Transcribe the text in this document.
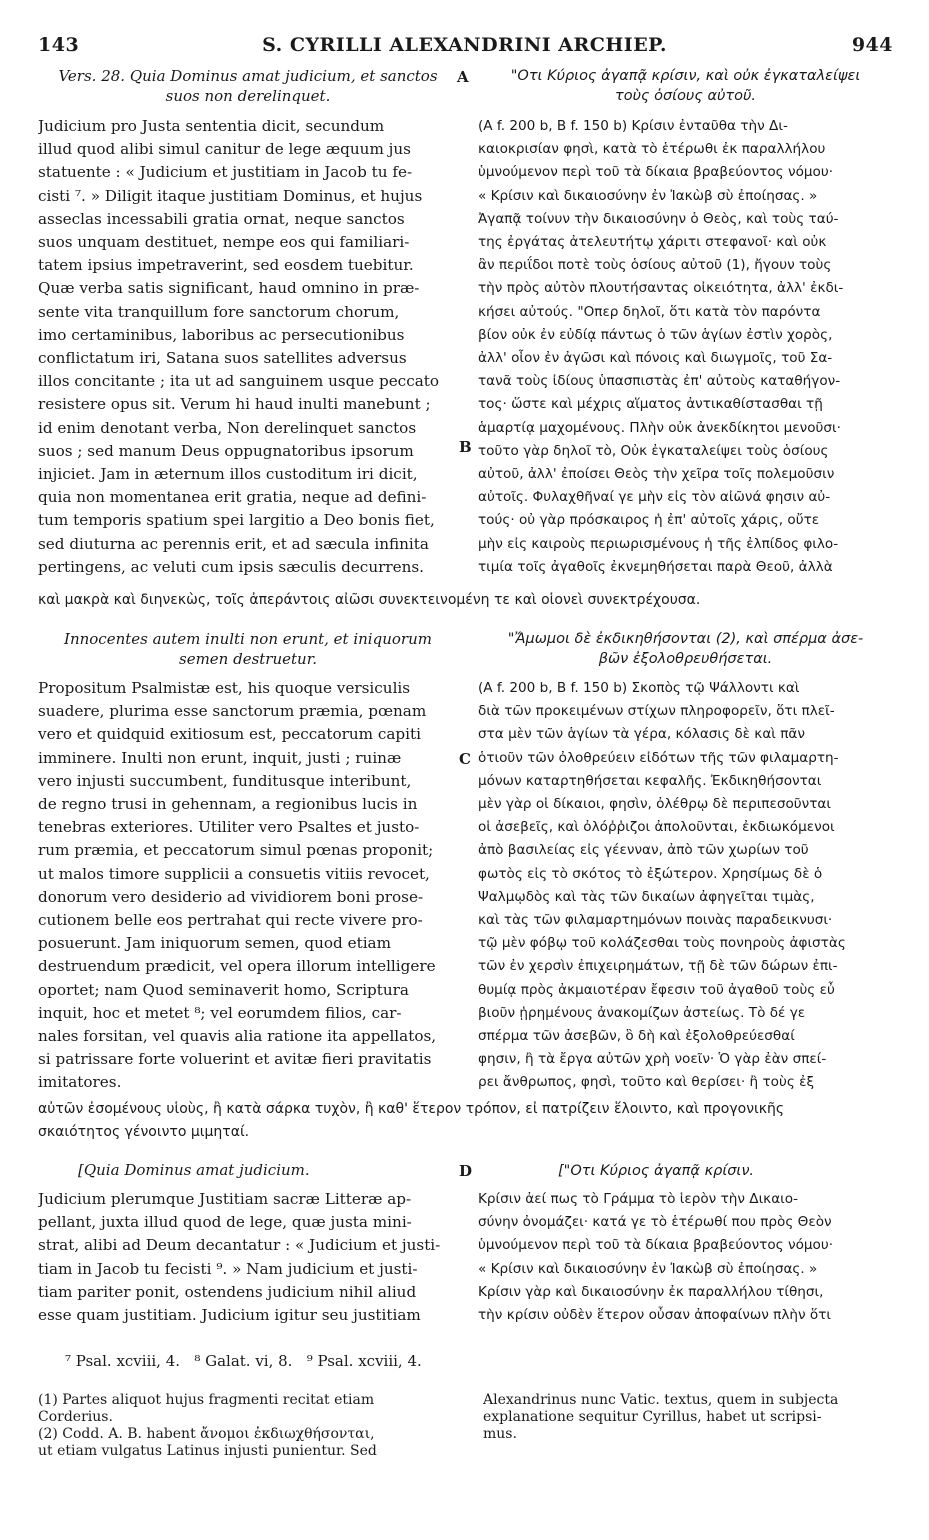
143	S. CYRILLI ALEXANDRINI ARCHIEP.	944
A
B
C
D
Vers. 28. Quia Dominus amat judicium, et sanctos
suos non derelinquet.
"Οτι Κύριος ἀγαπᾷ κρίσιν, καὶ οὐκ ἐγκαταλείψει
τοὺς ὁσίους αὐτοῦ.
Judicium pro Justa sententia dicit, secundum
illud quod alibi simul canitur de lege æquum jus
statuente : « Judicium et justitiam in Jacob tu fe-
cisti ⁷. » Diligit itaque justitiam Dominus, et hujus
asseclas incessabili gratia ornat, neque sanctos
suos unquam destituet, nempe eos qui familiari-
tatem ipsius impetraverint, sed eosdem tuebitur.
Quæ verba satis significant, haud omnino in præ-
sente vita tranquillum fore sanctorum chorum,
imo certaminibus, laboribus ac persecutionibus
conflictatum iri, Satana suos satellites adversus
illos concitante ; ita ut ad sanguinem usque peccato
resistere opus sit. Verum hi haud inulti manebunt ;
id enim denotant verba, Non derelinquet sanctos
suos ; sed manum Deus oppugnatoribus ipsorum
injiciet. Jam in æternum illos custoditum iri dicit,
quia non momentanea erit gratia, neque ad defini-
tum temporis spatium spei largitio a Deo bonis fiet,
sed diuturna ac perennis erit, et ad sæcula infinita
pertingens, ac veluti cum ipsis sæculis decurrens.
(A f. 200 b, B f. 150 b) Κρίσιν ἐνταῦθα τὴν Δι-
καιοκρισίαν φησὶ, κατὰ τὸ ἑτέρωθι ἐκ παραλλήλου
ὑμνούμενον περὶ τοῦ τὰ δίκαια βραβεύοντος νόμου·
« Κρίσιν καὶ δικαιοσύνην ἐν Ἰακὼβ σὺ ἐποίησας. »
Ἀγαπᾷ τοίνυν τὴν δικαιοσύνην ὁ Θεὸς, καὶ τοὺς ταύ-
της ἐργάτας ἀτελευτήτῳ χάριτι στεφανοῖ· καὶ οὐκ
ἂν περιΐδοι ποτὲ τοὺς ὁσίους αὐτοῦ (1), ἤγουν τοὺς
τὴν πρὸς αὐτὸν πλουτήσαντας οἰκειότητα, ἀλλ' ἐκδι-
κήσει αὐτούς. "Οπερ δηλοῖ, ὅτι κατὰ τὸν παρόντα
βίον οὐκ ἐν εὐδίᾳ πάντως ὁ τῶν ἁγίων ἐστὶν χορὸς,
ἀλλ' οἷον ἐν ἀγῶσι καὶ πόνοις καὶ διωγμοῖς, τοῦ Σα-
τανᾶ τοὺς ἰδίους ὑπασπιστὰς ἐπ' αὐτοὺς καταθήγον-
τος· ὥστε καὶ μέχρις αἵματος ἀντικαθίστασθαι τῇ
ἁμαρτίᾳ μαχομένους. Πλὴν οὐκ ἀνεκδίκητοι μενοῦσι·
τοῦτο γὰρ δηλοῖ τὸ, Οὐκ ἐγκαταλείψει τοὺς ὁσίους
αὐτοῦ, ἀλλ' ἐποίσει Θεὸς τὴν χεῖρα τοῖς πολεμοῦσιν
αὐτοῖς. Φυλαχθῆναί γε μὴν εἰς τὸν αἰῶνά φησιν αὐ-
τούς· οὐ γὰρ πρόσκαιρος ἡ ἐπ' αὐτοῖς χάρις, οὔτε
μὴν εἰς καιροὺς περιωρισμένους ἡ τῆς ἐλπίδος φιλο-
τιμία τοῖς ἀγαθοῖς ἐκνεμηθήσεται παρὰ Θεοῦ, ἀλλὰ
καὶ μακρὰ καὶ διηνεκὼς, τοῖς ἀπεράντοις αἰῶσι συνεκτεινομένη τε καὶ οἱονεὶ συνεκτρέχουσα.
Innocentes autem inulti non erunt, et iniquorum
semen destruetur.
"Ἄμωμοι δὲ ἐκδικηθήσονται (2), καὶ σπέρμα ἀσε-
βῶν ἐξολοθρευθήσεται.
Propositum Psalmistæ est, his quoque versiculis
suadere, plurima esse sanctorum præmia, pœnam
vero et quidquid exitiosum est, peccatorum capiti
imminere. Inulti non erunt, inquit, justi ; ruinæ
vero injusti succumbent, funditusque interibunt,
de regno trusi in gehennam, a regionibus lucis in
tenebras exteriores. Utiliter vero Psaltes et justo-
rum præmia, et peccatorum simul pœnas proponit;
ut malos timore supplicii a consuetis vitiis revocet,
donorum vero desiderio ad vividiorem boni prose-
cutionem belle eos pertrahat qui recte vivere pro-
posuerunt. Jam iniquorum semen, quod etiam
destruendum prædicit, vel opera illorum intelligere
oportet; nam Quod seminaverit homo, Scriptura
inquit, hoc et metet ⁸; vel eorumdem filios, car-
nales forsitan, vel quavis alia ratione ita appellatos,
si patrissare forte voluerint et avitæ fieri pravitatis
imitatores.
(A f. 200 b, B f. 150 b) Σκοπὸς τῷ Ψάλλοντι καὶ
διὰ τῶν προκειμένων στίχων πληροφορεῖν, ὅτι πλεῖ-
στα μὲν τῶν ἁγίων τὰ γέρα, κόλασις δὲ καὶ πᾶν
ὁτιοῦν τῶν ὀλοθρεύειν εἰδότων τῆς τῶν φιλαμαρτη-
μόνων καταρτηθήσεται κεφαλῆς. Ἐκδικηθήσονται
μὲν γὰρ οἱ δίκαιοι, φησὶν, ὀλέθρῳ δὲ περιπεσοῦνται
οἱ ἀσεβεῖς, καὶ ὀλόῤῥιζοι ἀπολοῦνται, ἐκδιωκόμενοι
ἀπὸ βασιλείας εἰς γέενναν, ἀπὸ τῶν χωρίων τοῦ
φωτὸς εἰς τὸ σκότος τὸ ἐξώτερον. Χρησίμως δὲ ὁ
Ψαλμῳδὸς καὶ τὰς τῶν δικαίων ἀφηγεῖται τιμὰς,
καὶ τὰς τῶν φιλαμαρτημόνων ποινὰς παραδεικνυσι·
τῷ μὲν φόβῳ τοῦ κολάζεσθαι τοὺς πονηροὺς ἀφιστὰς
τῶν ἐν χερσὶν ἐπιχειρημάτων, τῇ δὲ τῶν δώρων ἐπι-
θυμίᾳ πρὸς ἀκμαιοτέραν ἔφεσιν τοῦ ἀγαθοῦ τοὺς εὖ
βιοῦν ᾑρημένους ἀνακομίζων ἀστείως. Τὸ δέ γε
σπέρμα τῶν ἀσεβῶν, ὃ δὴ καὶ ἐξολοθρεύεσθαί
φησιν, ἢ τὰ ἔργα αὐτῶν χρὴ νοεῖν· Ὁ γὰρ ἐὰν σπεί-
ρει ἄνθρωπος, φησὶ, τοῦτο καὶ θερίσει· ἢ τοὺς ἐξ
αὐτῶν ἐσομένους υἱοὺς, ἢ κατὰ σάρκα τυχὸν, ἢ καθ' ἕτερον τρόπον, εἰ πατρίζειν ἕλοιντο, καὶ προγονικῆς
σκαιότητος γένοιντο μιμηταί.
[Quia Dominus amat judicium.	["Οτι Κύριος ἀγαπᾷ κρίσιν.
Judicium plerumque Justitiam sacræ Litteræ ap-
pellant, juxta illud quod de lege, quæ justa mini-
strat, alibi ad Deum decantatur : « Judicium et justi-
tiam in Jacob tu fecisti ⁹. » Nam judicium et justi-
tiam pariter ponit, ostendens judicium nihil aliud
esse quam justitiam. Judicium igitur seu justitiam
Κρίσιν ἀεί πως τὸ Γράμμα τὸ ἱερὸν τὴν Δικαιο-
σύνην ὀνομάζει· κατά γε τὸ ἑτέρωθί που πρὸς Θεὸν
ὑμνούμενον περὶ τοῦ τὰ δίκαια βραβεύοντος νόμου·
« Κρίσιν καὶ δικαιοσύνην ἐν Ἰακὼβ σὺ ἐποίησας. »
Κρίσιν γὰρ καὶ δικαιοσύνην ἐκ παραλλήλου τίθησι,
τὴν κρίσιν οὐδὲν ἕτερον οὖσαν ἀποφαίνων πλὴν ὅτι
⁷ Psal. xcviii, 4.   ⁸ Galat. vi, 8.   ⁹ Psal. xcviii, 4.
(1) Partes aliquot hujus fragmenti recitat etiam
Corderius.
(2) Codd. A. B. habent ἄνομοι ἐκδιωχθήσονται,
ut etiam vulgatus Latinus injusti punientur. Sed
Alexandrinus nunc Vatic. textus, quem in subjecta
explanatione sequitur Cyrillus, habet ut scripsi-
mus.
